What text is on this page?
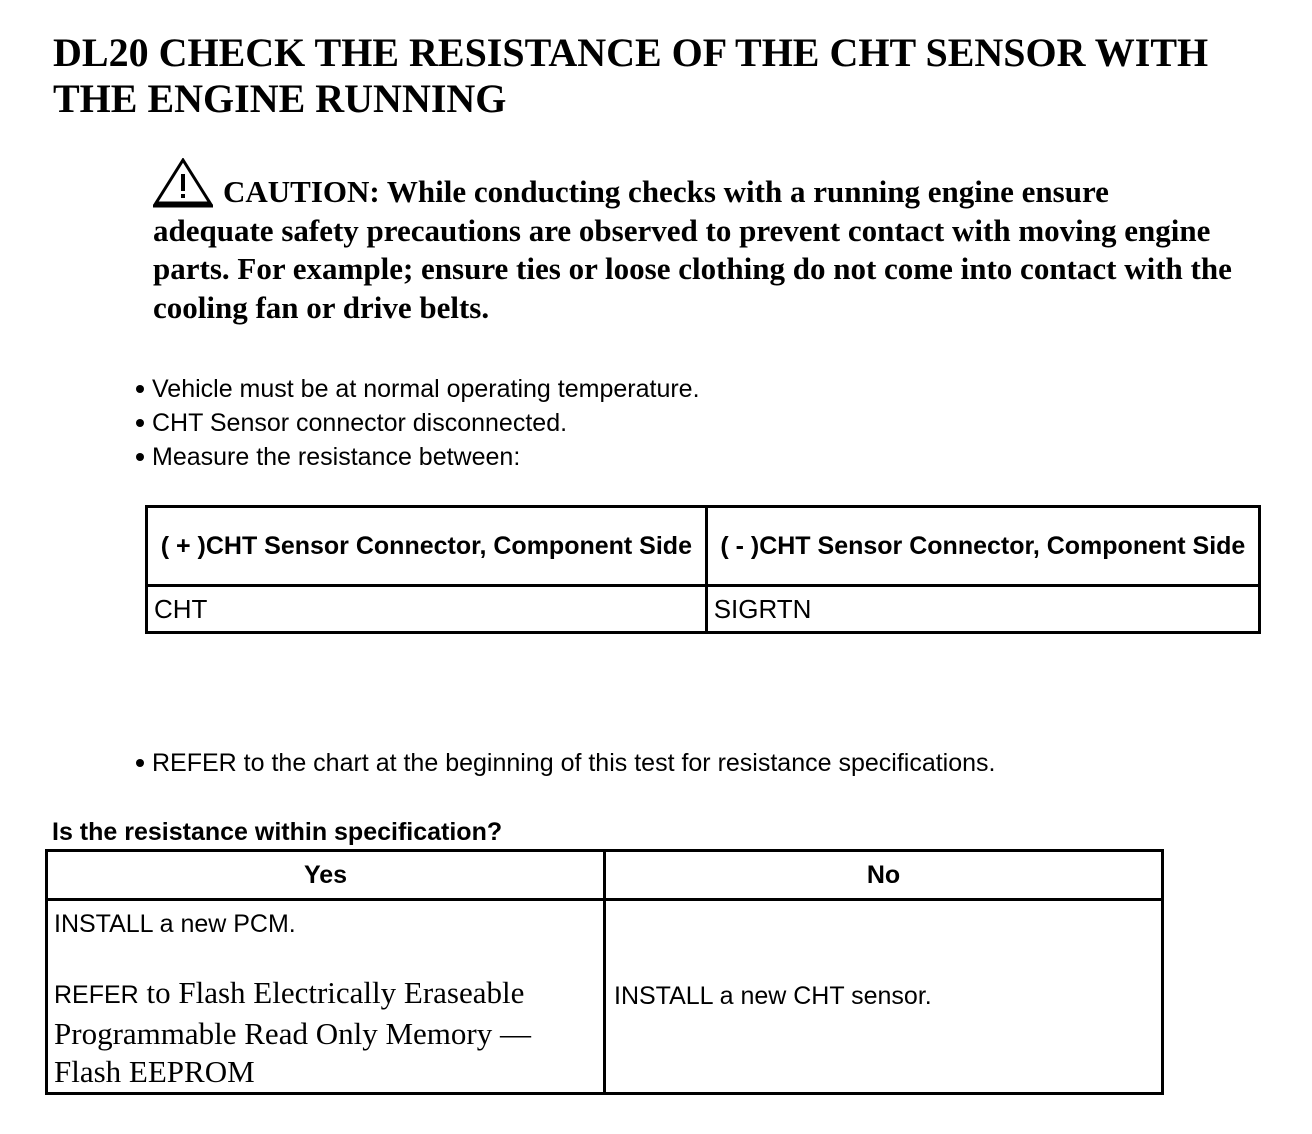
DL20 CHECK THE RESISTANCE OF THE CHT SENSOR WITH THE ENGINE RUNNING
CAUTION: While conducting checks with a running engine ensure adequate safety precautions are observed to prevent contact with moving engine parts. For example; ensure ties or loose clothing do not come into contact with the cooling fan or drive belts.
Vehicle must be at normal operating temperature.
CHT Sensor connector disconnected.
Measure the resistance between:
( + )CHT Sensor Connector, Component Side	( - )CHT Sensor Connector, Component Side
CHT	SIGRTN
REFER to the chart at the beginning of this test for resistance specifications.
Is the resistance within specification?
Yes	No

INSTALL a new PCM.
REFER to Flash Electrically Eraseable Programmable Read Only Memory — Flash EEPROM	INSTALL a new CHT sensor.
